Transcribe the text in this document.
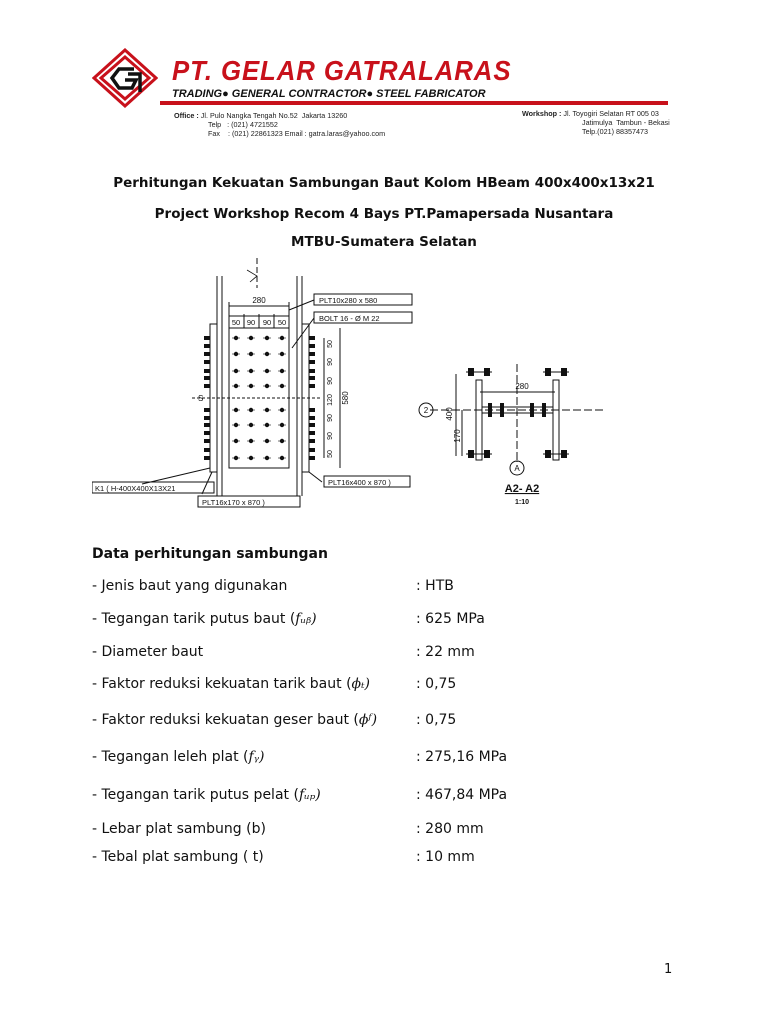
PT. GELAR GATRALARAS
TRADING● GENERAL CONTRACTOR● STEEL FABRICATOR
Office : Jl. Pulo Nangka Tengah No.52  Jakarta 13260
Telp   : (021) 4721552
Fax    : (021) 22861323 Email : gatra.laras@yahoo.com
Workshop : Jl. Toyogiri Selatan RT 005 03
Jatimulya  Tambun - Bekasi
Telp.(021) 88357473
Perhitungan Kekuatan Sambungan Baut Kolom HBeam 400x400x13x21
Project Workshop Recom 4 Bays PT.Pamapersada Nusantara
MTBU-Sumatera Selatan
280
50 90 90 50
PLT10x280 x 580
BOLT 16 - Ø M 22
50
90
90
120
90
90
50
580
S
K1 ( H-400X400X13X21
PLT16x170 x 870 )
PLT16x400 x 870 )
280
400
170
2
A
A2- A2
1:10
Data perhitungan sambungan
- Jenis baut yang digunakan	: HTB
- Tegangan tarik putus baut (fᵤᵦ)	: 625 MPa
- Diameter baut	: 22 mm
- Faktor reduksi kekuatan tarik baut (ϕₜ)	: 0,75
- Faktor reduksi kekuatan geser baut (ϕᶠ)	: 0,75
- Tegangan leleh plat (fᵧ)	: 275,16 MPa
- Tegangan tarik putus pelat (fᵤₚ)	: 467,84 MPa
- Lebar plat sambung (b)	: 280 mm
- Tebal plat sambung ( t)	: 10 mm
1
